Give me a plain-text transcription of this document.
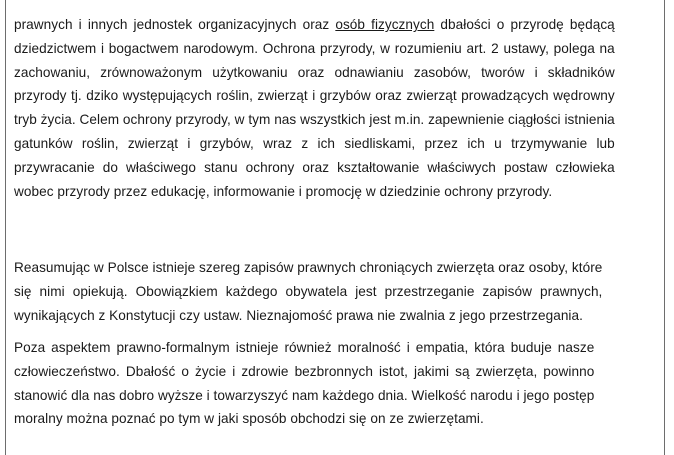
prawnych i innych jednostek organizacyjnych oraz osób fizycznych dbałości o przyrodę będącą

dziedzictwem i bogactwem narodowym. Ochrona przyrody, w rozumieniu art. 2 ustawy, polega na

zachowaniu, zrównoważonym użytkowaniu oraz odnawianiu zasobów, tworów i składników

przyrody tj. dziko występujących roślin, zwierząt i grzybów oraz zwierząt prowadzących wędrowny

tryb życia. Celem ochrony przyrody, w tym nas wszystkich jest m.in. zapewnienie ciągłości istnienia

gatunków roślin, zwierząt i grzybów, wraz z ich siedliskami, przez ich u trzymywanie lub

przywracanie do właściwego stanu ochrony oraz kształtowanie właściwych postaw człowieka

wobec przyrody przez edukację, informowanie i promocję w dziedzinie ochrony przyrody.

Reasumując w Polsce istnieje szereg zapisów prawnych chroniących zwierzęta oraz osoby, które

się nimi opiekują. Obowiązkiem każdego obywatela jest przestrzeganie zapisów prawnych,

wynikających z Konstytucji czy ustaw. Nieznajomość prawa nie zwalnia z jego przestrzegania.

Poza aspektem prawno-formalnym istnieje również moralność i empatia, która buduje nasze

człowieczeństwo. Dbałość o życie i zdrowie bezbronnych istot, jakimi są zwierzęta, powinno

stanowić dla nas dobro wyższe i towarzyszyć nam każdego dnia. Wielkość narodu i jego postęp

moralny można poznać po tym w jaki sposób obchodzi się on ze zwierzętami.
